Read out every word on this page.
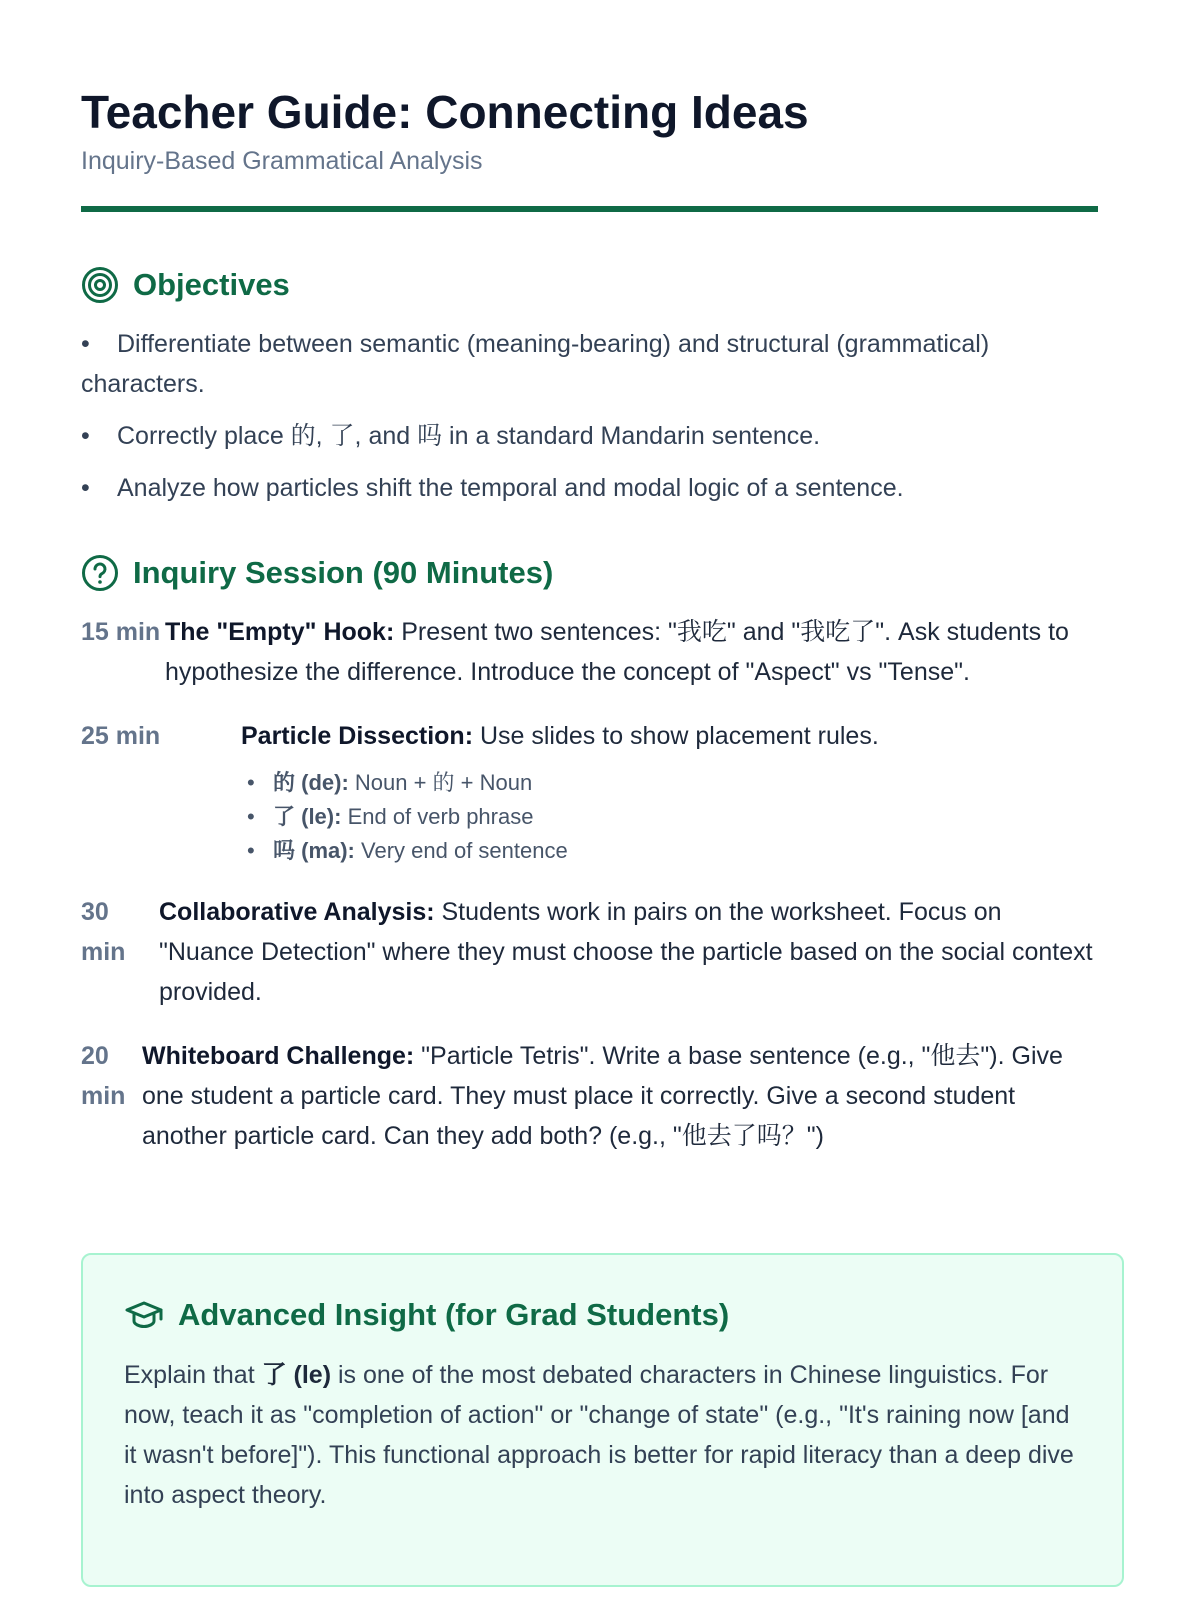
Teacher Guide: Connecting Ideas
Inquiry-Based Grammatical Analysis
Objectives
• Differentiate between semantic (meaning-bearing) and structural (grammatical) characters.
• Correctly place 的, 了, and 吗 in a standard Mandarin sentence.
• Analyze how particles shift the temporal and modal logic of a sentence.
Inquiry Session (90 Minutes)
15 min The "Empty" Hook: Present two sentences: "我吃" and "我吃了". Ask students to hypothesize the difference. Introduce the concept of "Aspect" vs "Tense".
25 min	Particle Dissection: Use slides to show placement rules.
• 的 (de): Noun + 的 + Noun
• 了 (le): End of verb phrase
• 吗 (ma): Very end of sentence
30 min
Collaborative Analysis: Students work in pairs on the worksheet. Focus on "Nuance Detection" where they must choose the particle based on the social context provided.
20 min
Whiteboard Challenge: "Particle Tetris". Write a base sentence (e.g., "他去"). Give one student a particle card. They must place it correctly. Give a second student another particle card. Can they add both? (e.g., "他去了吗？")
Advanced Insight (for Grad Students)
Explain that 了 (le) is one of the most debated characters in Chinese linguistics. For now, teach it as "completion of action" or "change of state" (e.g., "It's raining now [and it wasn't before]"). This functional approach is better for rapid literacy than a deep dive into aspect theory.
